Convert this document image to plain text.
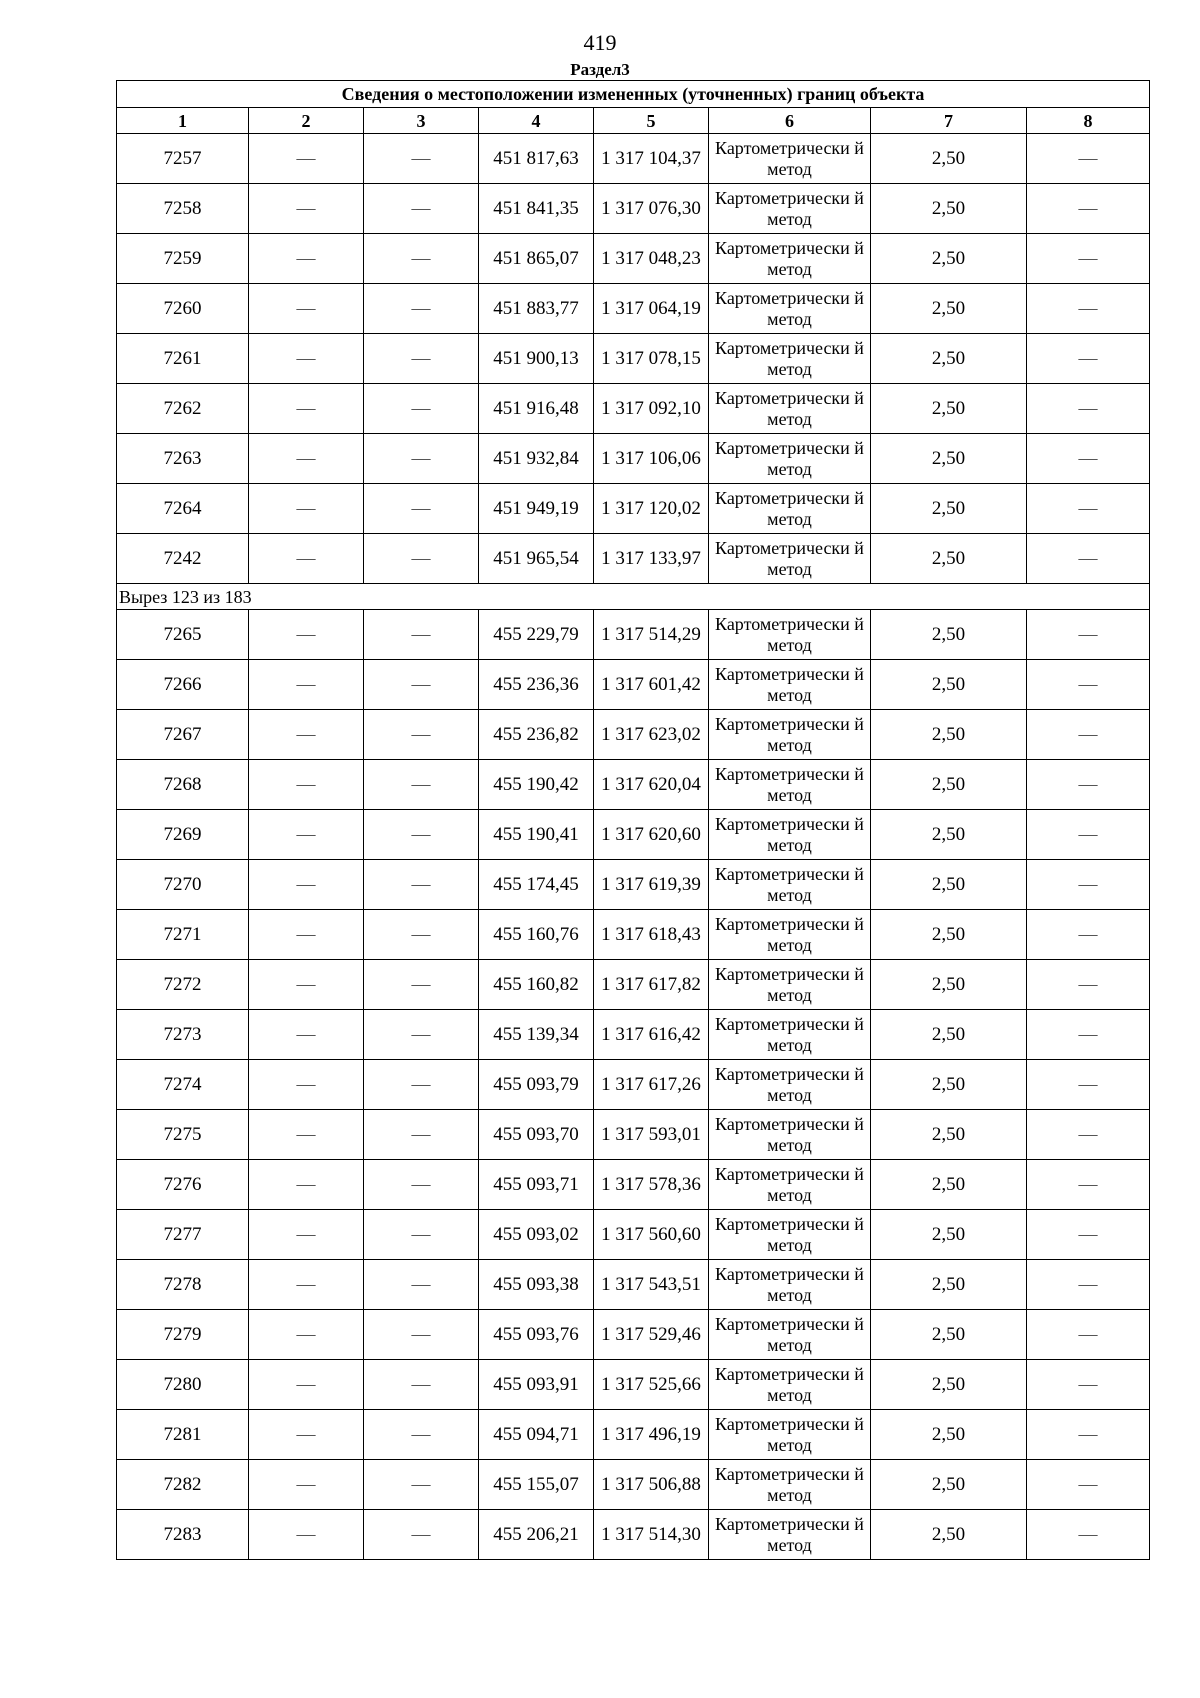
419
Раздел3
Сведения о местоположении измененных (уточненных) границ объекта							
1	2	3	4	5	6	7	8
7257	—	—	451 817,63	1 317 104,37	Картометрически й метод	2,50	—
7258	—	—	451 841,35	1 317 076,30	Картометрически й метод	2,50	—
7259	—	—	451 865,07	1 317 048,23	Картометрически й метод	2,50	—
7260	—	—	451 883,77	1 317 064,19	Картометрически й метод	2,50	—
7261	—	—	451 900,13	1 317 078,15	Картометрически й метод	2,50	—
7262	—	—	451 916,48	1 317 092,10	Картометрически й метод	2,50	—
7263	—	—	451 932,84	1 317 106,06	Картометрически й метод	2,50	—
7264	—	—	451 949,19	1 317 120,02	Картометрически й метод	2,50	—
7242	—	—	451 965,54	1 317 133,97	Картометрически й метод	2,50	—
Вырез 123 из 183							
7265	—	—	455 229,79	1 317 514,29	Картометрически й метод	2,50	—
7266	—	—	455 236,36	1 317 601,42	Картометрически й метод	2,50	—
7267	—	—	455 236,82	1 317 623,02	Картометрически й метод	2,50	—
7268	—	—	455 190,42	1 317 620,04	Картометрически й метод	2,50	—
7269	—	—	455 190,41	1 317 620,60	Картометрически й метод	2,50	—
7270	—	—	455 174,45	1 317 619,39	Картометрически й метод	2,50	—
7271	—	—	455 160,76	1 317 618,43	Картометрически й метод	2,50	—
7272	—	—	455 160,82	1 317 617,82	Картометрически й метод	2,50	—
7273	—	—	455 139,34	1 317 616,42	Картометрически й метод	2,50	—
7274	—	—	455 093,79	1 317 617,26	Картометрически й метод	2,50	—
7275	—	—	455 093,70	1 317 593,01	Картометрически й метод	2,50	—
7276	—	—	455 093,71	1 317 578,36	Картометрически й метод	2,50	—
7277	—	—	455 093,02	1 317 560,60	Картометрически й метод	2,50	—
7278	—	—	455 093,38	1 317 543,51	Картометрически й метод	2,50	—
7279	—	—	455 093,76	1 317 529,46	Картометрически й метод	2,50	—
7280	—	—	455 093,91	1 317 525,66	Картометрически й метод	2,50	—
7281	—	—	455 094,71	1 317 496,19	Картометрически й метод	2,50	—
7282	—	—	455 155,07	1 317 506,88	Картометрически й метод	2,50	—
7283	—	—	455 206,21	1 317 514,30	Картометрически й метод	2,50	—
